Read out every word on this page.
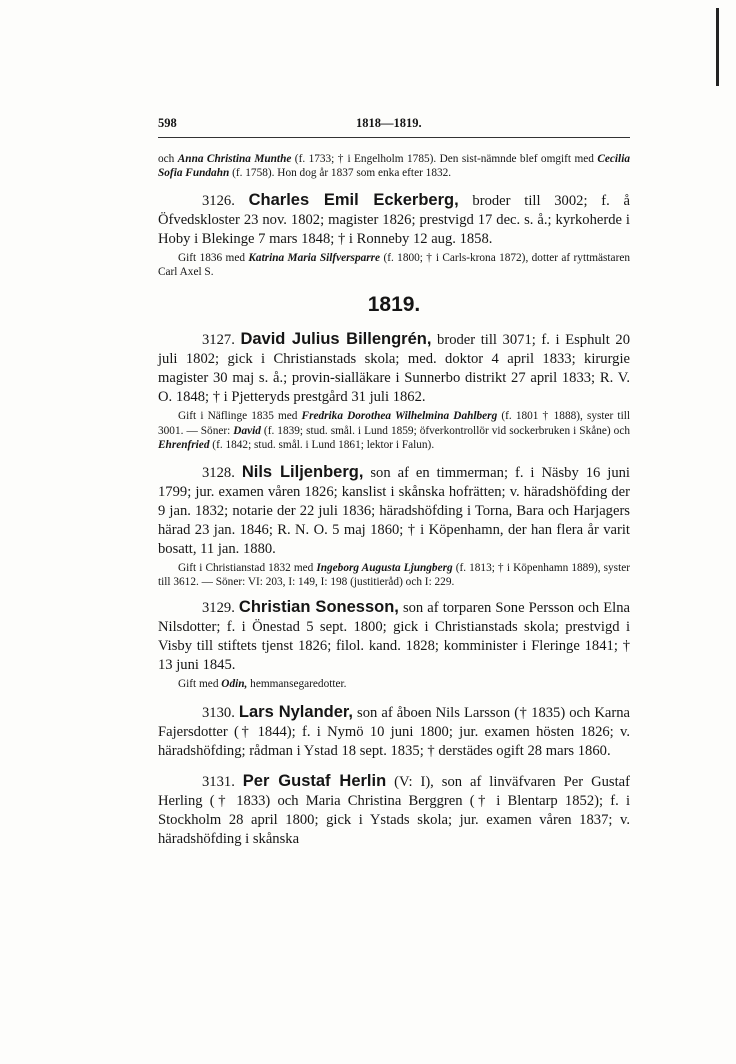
598	1818—1819.

och Anna Christina Munthe (f. 1733; † i Engelholm 1785). Den sist-nämnde blef omgift med Cecilia Sofia Fundahn (f. 1758). Hon dog år 1837 som enka efter 1832.

3126. Charles Emil Eckerberg, broder till 3002; f. å Öfvedskloster 23 nov. 1802; magister 1826; prestvigd 17 dec. s. å.; kyrkoherde i Hoby i Blekinge 7 mars 1848; † i Ronneby 12 aug. 1858.

Gift 1836 med Katrina Maria Silfversparre (f. 1800; † i Carls-krona 1872), dotter af ryttmästaren Carl Axel S.

1819.

3127. David Julius Billengrén, broder till 3071; f. i Esphult 20 juli 1802; gick i Christianstads skola; med. doktor 4 april 1833; kirurgie magister 30 maj s. å.; provin-sialläkare i Sunnerbo distrikt 27 april 1833; R. V. O. 1848; † i Pjetteryds prestgård 31 juli 1862.

Gift i Näflinge 1835 med Fredrika Dorothea Wilhelmina Dahlberg (f. 1801 † 1888), syster till 3001. — Söner: David (f. 1839; stud. smål. i Lund 1859; öfverkontrollör vid sockerbruken i Skåne) och Ehrenfried (f. 1842; stud. smål. i Lund 1861; lektor i Falun).

3128. Nils Liljenberg, son af en timmerman; f. i Näsby 16 juni 1799; jur. examen våren 1826; kanslist i skånska hofrätten; v. häradshöfding der 9 jan. 1832; notarie der 22 juli 1836; häradshöfding i Torna, Bara och Harjagers härad 23 jan. 1846; R. N. O. 5 maj 1860; † i Köpenhamn, der han flera år varit bosatt, 11 jan. 1880.

Gift i Christianstad 1832 med Ingeborg Augusta Ljungberg (f. 1813; † i Köpenhamn 1889), syster till 3612. — Söner: VI: 203, I: 149, I: 198 (justitieråd) och I: 229.

3129. Christian Sonesson, son af torparen Sone Persson och Elna Nilsdotter; f. i Önestad 5 sept. 1800; gick i Christianstads skola; prestvigd i Visby till stiftets tjenst 1826; filol. kand. 1828; komminister i Fleringe 1841; † 13 juni 1845.

Gift med Odin, hemmansegaredotter.

3130. Lars Nylander, son af åboen Nils Larsson († 1835) och Karna Fajersdotter († 1844); f. i Nymö 10 juni 1800; jur. examen hösten 1826; v. häradshöfding; rådman i Ystad 18 sept. 1835; † derstädes ogift 28 mars 1860.

3131. Per Gustaf Herlin (V: I), son af linväfvaren Per Gustaf Herling († 1833) och Maria Christina Berggren († i Blentarp 1852); f. i Stockholm 28 april 1800; gick i Ystads skola; jur. examen våren 1837; v. häradshöfding i skånska
